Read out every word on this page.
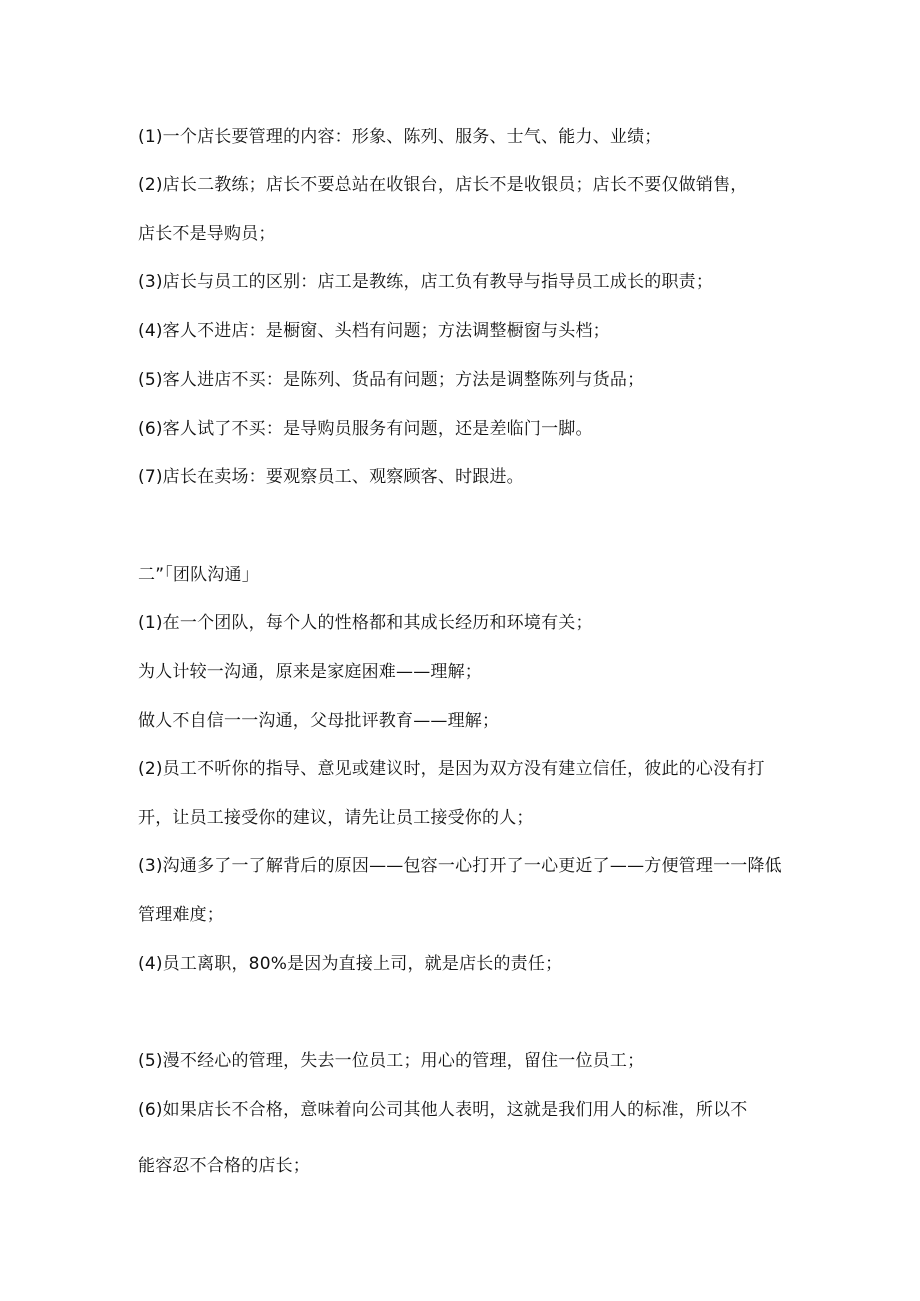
(1)一个店长要管理的内容：形象、陈列、服务、士气、能力、业绩；
(2)店长二教练；店长不要总站在收银台，店长不是收银员；店长不要仅做销售，
店长不是导购员；
(3)店长与员工的区别：店工是教练，店工负有教导与指导员工成长的职责；
(4)客人不进店：是橱窗、头档有问题；方法调整橱窗与头档；
(5)客人进店不买：是陈列、货品有问题；方法是调整陈列与货品；
(6)客人试了不买：是导购员服务有问题，还是差临门一脚。
(7)店长在卖场：要观察员工、观察顾客、时跟进。
二”「团队沟通」
(1)在一个团队，每个人的性格都和其成长经历和环境有关；
为人计较一沟通，原来是家庭困难——理解；
做人不自信一一沟通，父母批评教育——理解；
(2)员工不听你的指导、意见或建议时，是因为双方没有建立信任，彼此的心没有打
开，让员工接受你的建议，请先让员工接受你的人；
(3)沟通多了一了解背后的原因——包容一心打开了一心更近了——方便管理一一降低
管理难度；
(4)员工离职，80%是因为直接上司，就是店长的责任；
(5)漫不经心的管理，失去一位员工；用心的管理，留住一位员工；
(6)如果店长不合格，意味着向公司其他人表明，这就是我们用人的标准，所以不
能容忍不合格的店长；
